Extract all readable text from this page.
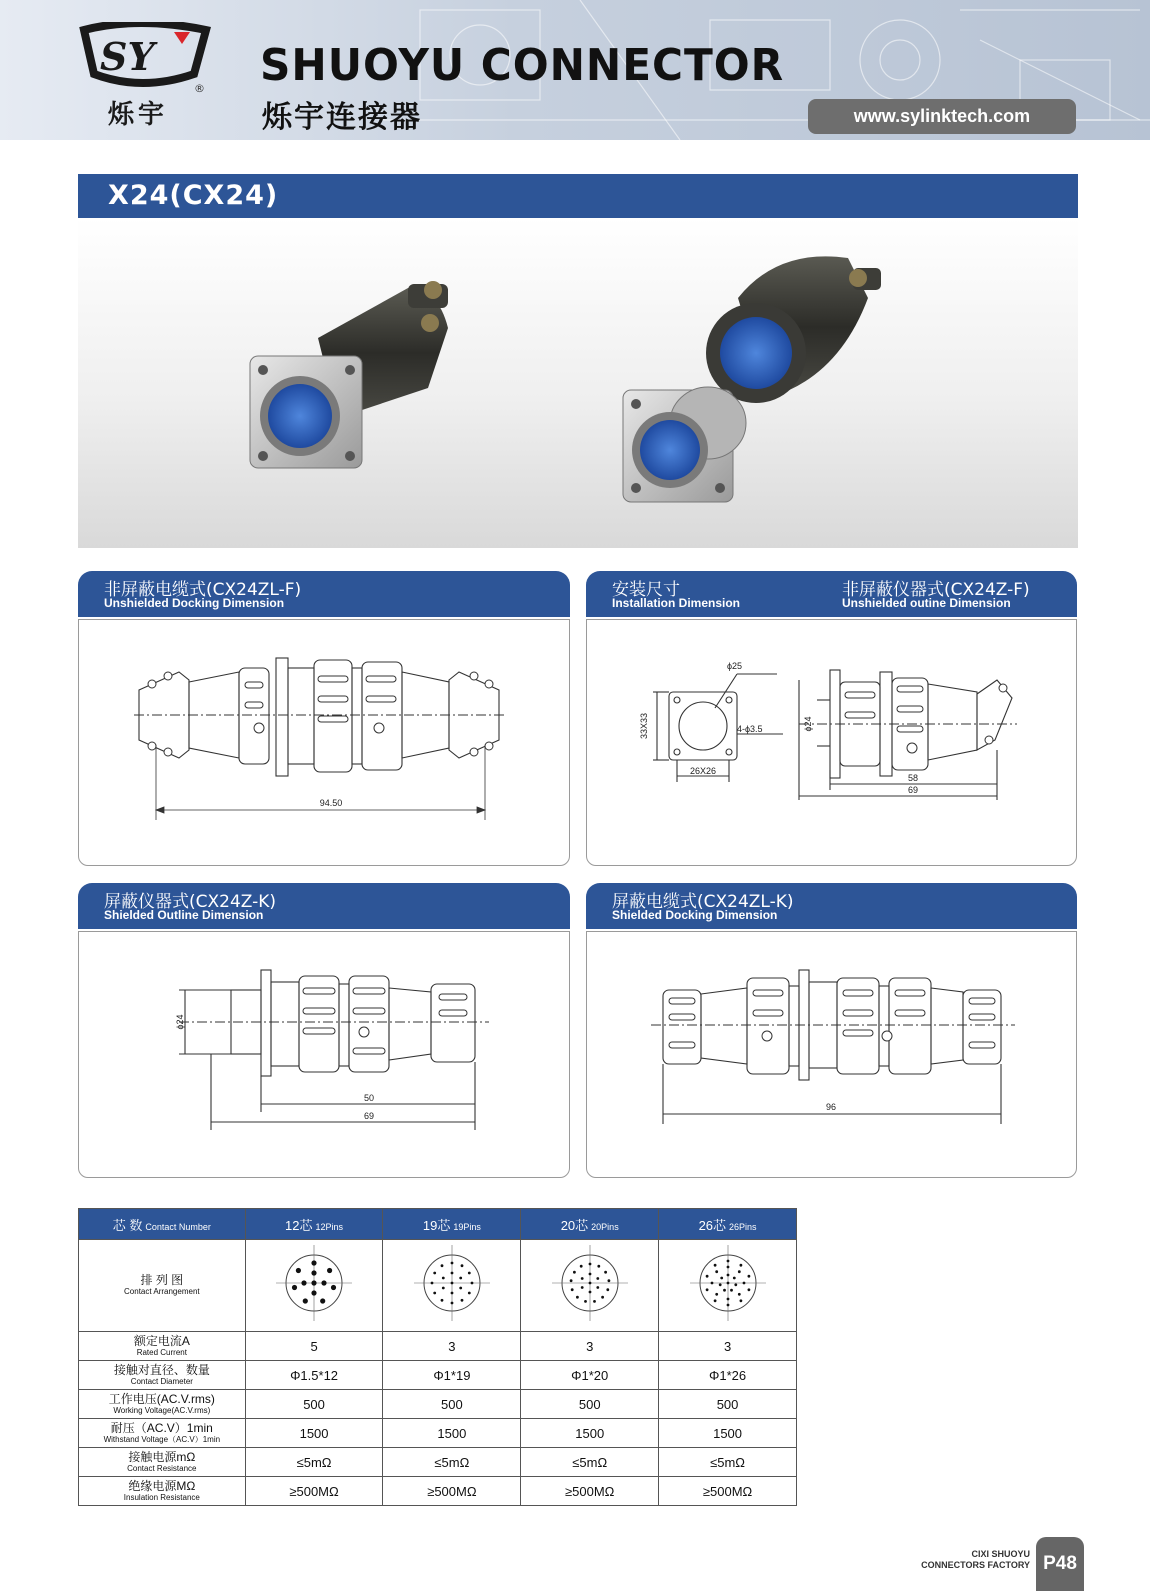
SY
®
烁宇
SHUOYU CONNECTOR
烁宇连接器	www.sylinktech.com
X24(CX24)
非屏蔽电缆式(CX24ZL-F)
Unshielded Docking Dimension
94.50
安装尺寸
Installation Dimension
非屏蔽仪器式(CX24Z-F)
Unshielded outine Dimension
ϕ25
33X33	4-ϕ3.5
26X26
ϕ24
58
69
屏蔽仪器式(CX24Z-K)
Shielded Outline Dimension
ϕ24
50
69
屏蔽电缆式(CX24ZL-K)
Shielded Docking Dimension
96
芯 数 Contact Number	12芯 12Pins	19芯 19Pins	20芯 20Pins	26芯 26Pins

排 列 图
Contact Arrangement

额定电流A
Rated Current	5	3	3	3

接触对直径、数量
Contact Diameter	Φ1.5*12	Φ1*19	Φ1*20	Φ1*26

工作电压(AC.V.rms)
Working Voltage(AC.V.rms)	500	500	500	500

耐压（AC.V）1min
Withstand Voltage（AC.V）1min	1500	1500	1500	1500

接触电源mΩ
Contact Resistance	≤5mΩ	≤5mΩ	≤5mΩ	≤5mΩ

绝缘电源MΩ
Insulation Resistance	≥500MΩ	≥500MΩ	≥500MΩ	≥500MΩ
CIXI SHUOYU
CONNECTORS FACTORY P48
